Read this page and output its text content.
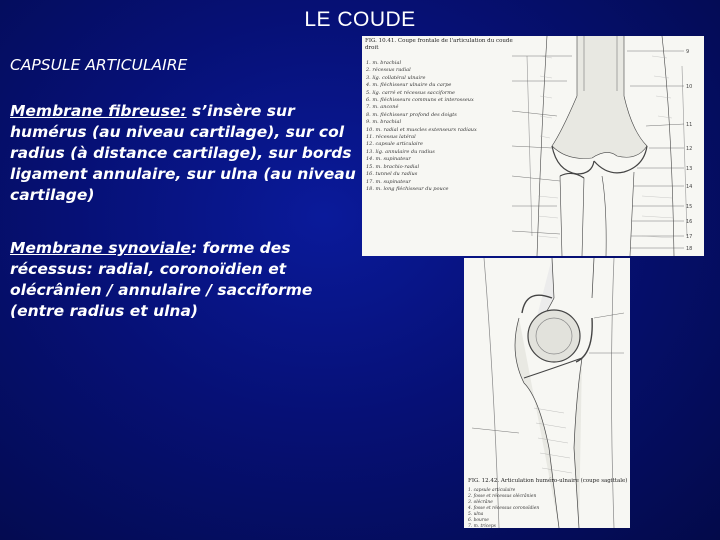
LE COUDE
CAPSULE ARTICULAIRE
Membrane fibreuse: s’insère sur humérus (au niveau cartilage), sur col radius (à distance cartilage), sur bords ligament annulaire, sur ulna (au niveau cartilage)
Membrane synoviale: forme des récessus: radial, coronoïdien et olécrânien / annulaire / sacciforme (entre radius et ulna)
FIG. 10.41. Coupe frontale de l'articulation du coude droit
1. m. brachial
2. récessus radial
3. lig. collatéral ulnaire
4. m. fléchisseur ulnaire du carpe
5. lig. carré et récessus sacciforme
6. m. fléchisseurs communs et interosseux
7. m. anconé
8. m. fléchisseur profond des doigts
9. m. brachial
10. m. radial et muscles extenseurs radiaux
11. récessus latéral
12. capsule articulaire
13. lig. annulaire du radius
14. m. supinateur
15. m. brachio-radial
16. tunnel du radius
17. m. supinateur
18. m. long fléchisseur du pouce
9
10
11
12
13
14
15
16
17
18
FIG. 12.42. Articulation huméro-ulnaire (coupe sagittale)
1. capsule articulaire
2. fosse et récessus olécrânien
3. olécrâne
4. fosse et récessus coronoïdien
5. ulna
6. bourse
7. m. triceps
